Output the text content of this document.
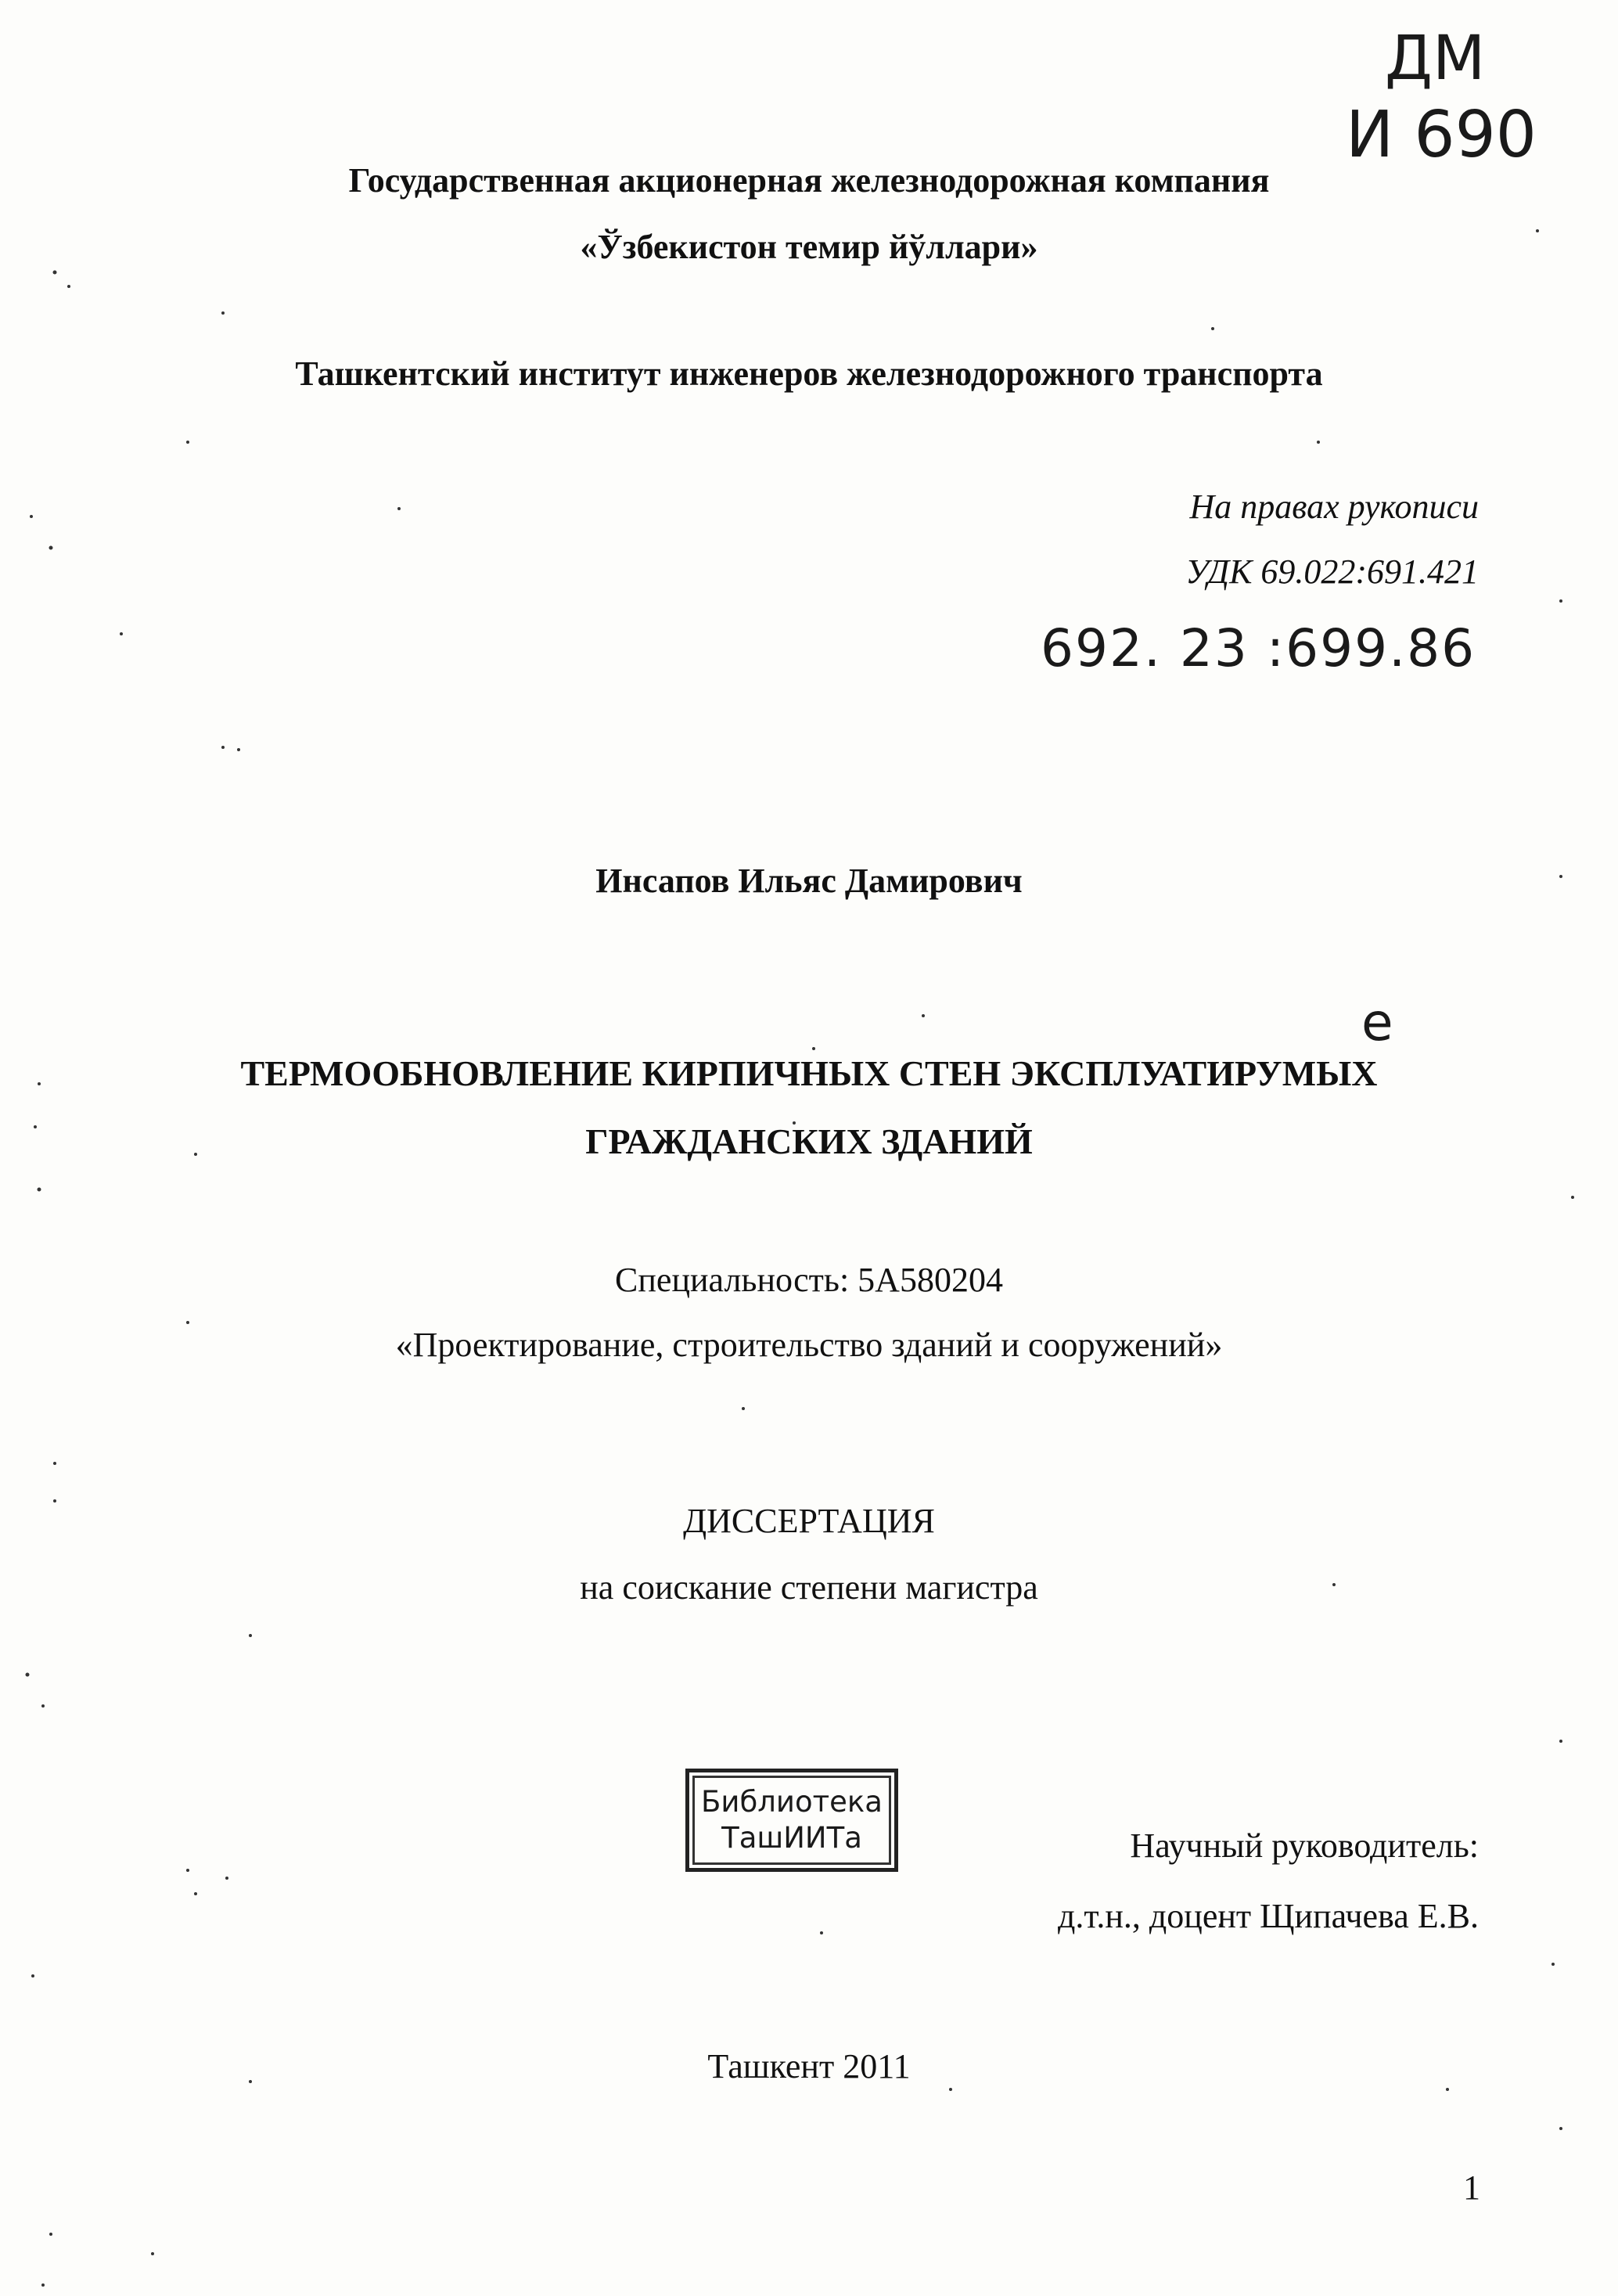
ДМ
И 690
Государственная акционерная железнодорожная компания
«Ўзбекистон темир йўллари»
Ташкентский институт инженеров железнодорожного транспорта
На правах рукописи
УДК 69.022:691.421
692. 23 :699.86
Инсапов Ильяс Дамирович
е
ТЕРМООБНОВЛЕНИЕ КИРПИЧНЫХ СТЕН ЭКСПЛУАТИРУМЫХ
ГРАЖДАНСКИХ ЗДАНИЙ
Специальность: 5А580204
«Проектирование, строительство зданий и сооружений»
ДИССЕРТАЦИЯ
на соискание степени магистра
Библиотека
ТашИИТа	Научный руководитель:
д.т.н., доцент Щипачева Е.В.
Ташкент 2011
1
